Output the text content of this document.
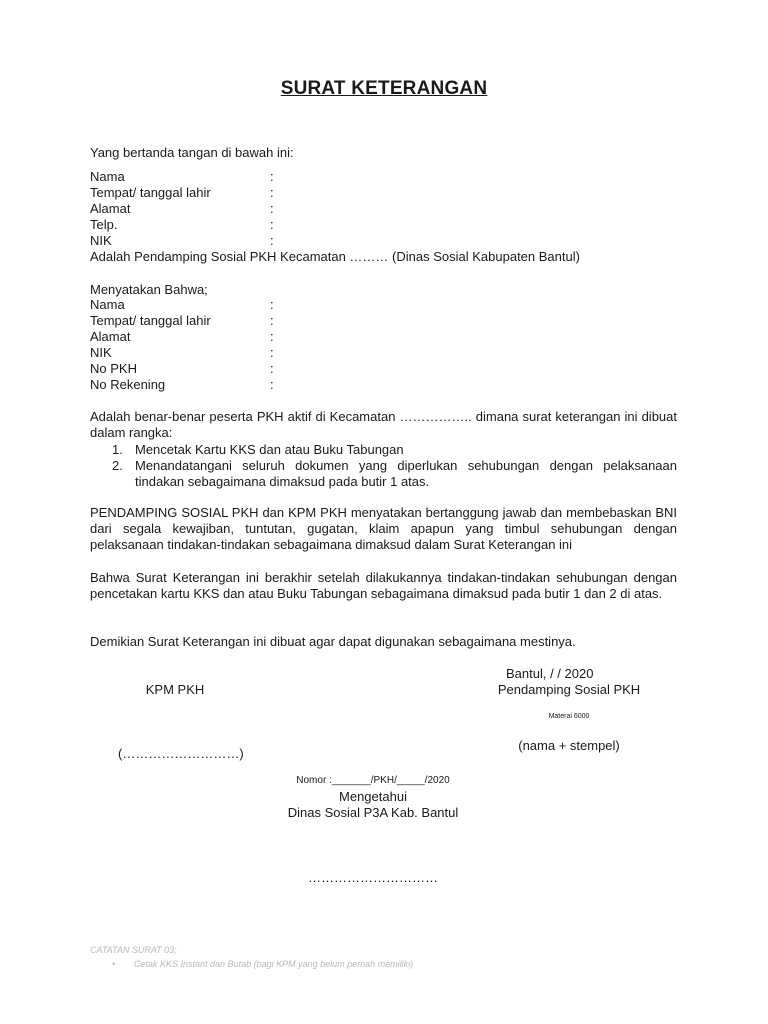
SURAT KETERANGAN
Yang bertanda tangan di bawah ini:
Nama	:
Tempat/ tanggal lahir	:
Alamat	:
Telp.	:
NIK	:
Adalah Pendamping Sosial PKH Kecamatan ……… (Dinas Sosial Kabupaten Bantul)
Menyatakan Bahwa;
Nama	:
Tempat/ tanggal lahir	:
Alamat	:
NIK	:
No PKH	:
No Rekening	:
Adalah benar-benar peserta PKH aktif di Kecamatan …………….. dimana surat keterangan ini dibuat dalam rangka:
1. Mencetak Kartu KKS dan atau Buku Tabungan
2. Menandatangani seluruh dokumen yang diperlukan sehubungan dengan pelaksanaan tindakan sebagaimana dimaksud pada butir 1 atas.
PENDAMPING SOSIAL PKH dan KPM PKH menyatakan bertanggung jawab dan membebaskan BNI dari segala kewajiban, tuntutan, gugatan, klaim apapun yang timbul sehubungan dengan pelaksanaan tindakan-tindakan sebagaimana dimaksud dalam Surat Keterangan ini
Bahwa Surat Keterangan ini berakhir setelah dilakukannya tindakan-tindakan sehubungan dengan pencetakan kartu KKS dan atau Buku Tabungan sebagaimana dimaksud pada butir 1 dan 2 di atas.
Demikian Surat Keterangan ini dibuat agar dapat digunakan sebagaimana mestinya.
Bantul, / / 2020
KPM PKH	Pendamping Sosial PKH
Materai 6000
(nama + stempel)
(………………………)
Nomor :_______/PKH/_____/2020
Mengetahui
Dinas Sosial P3A Kab. Bantul
…………………………
CATATAN SURAT 03;
• Cetak KKS Instant dan Butab (bagi KPM yang belum pernah memiliki)
